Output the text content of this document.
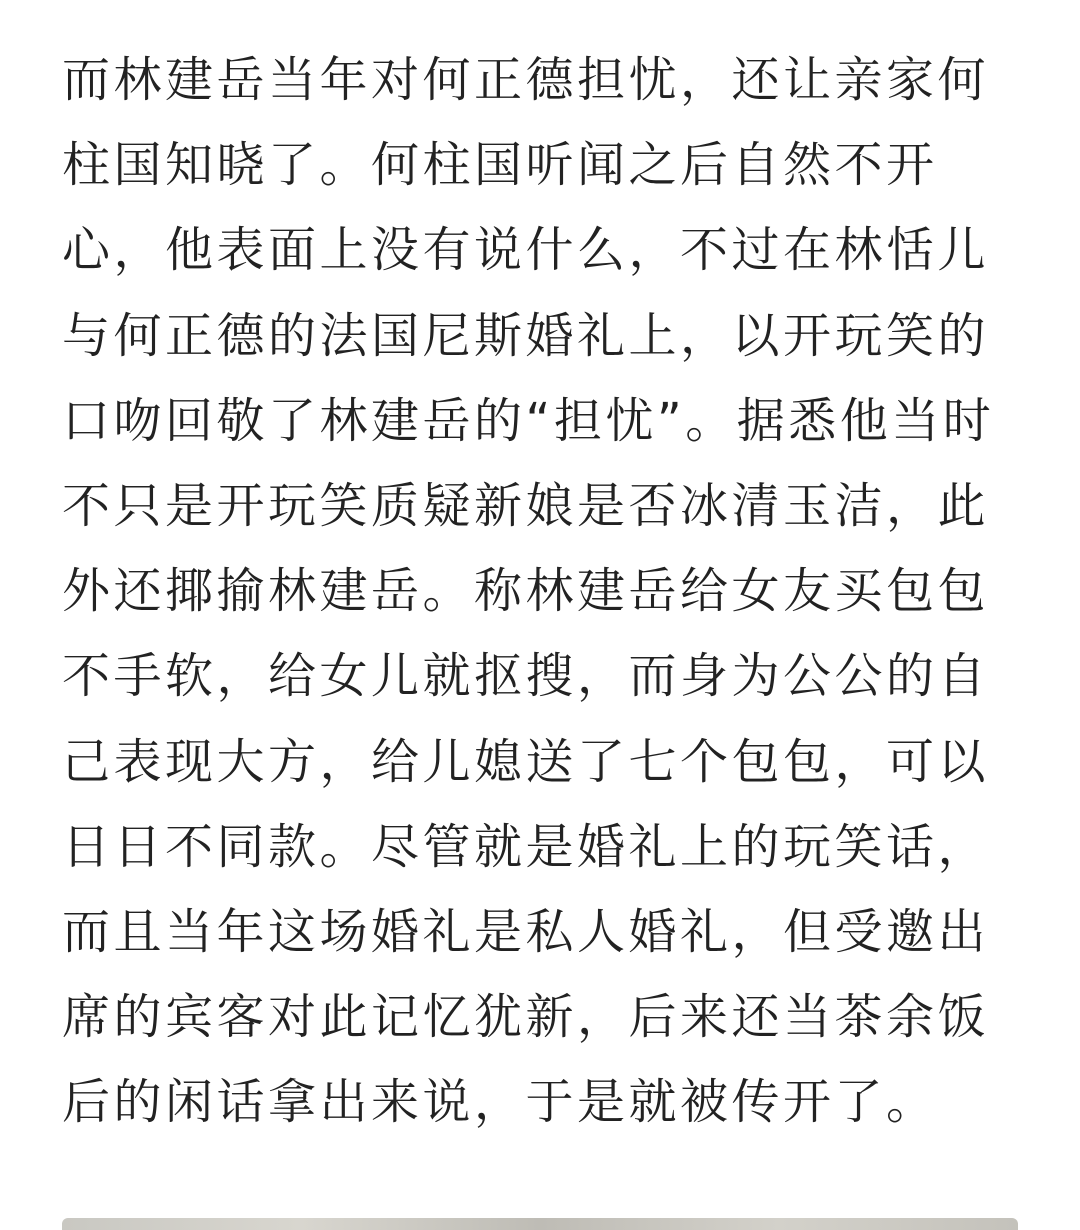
而林建岳当年对何正德担忧，还让亲家何
柱国知晓了。何柱国听闻之后自然不开
心，他表面上没有说什么，不过在林恬儿
与何正德的法国尼斯婚礼上，以开玩笑的
口吻回敬了林建岳的“担忧”。据悉他当时
不只是开玩笑质疑新娘是否冰清玉洁，此
外还揶揄林建岳。称林建岳给女友买包包
不手软，给女儿就抠搜，而身为公公的自
己表现大方，给儿媳送了七个包包，可以
日日不同款。尽管就是婚礼上的玩笑话，
而且当年这场婚礼是私人婚礼，但受邀出
席的宾客对此记忆犹新，后来还当茶余饭
后的闲话拿出来说，于是就被传开了。
